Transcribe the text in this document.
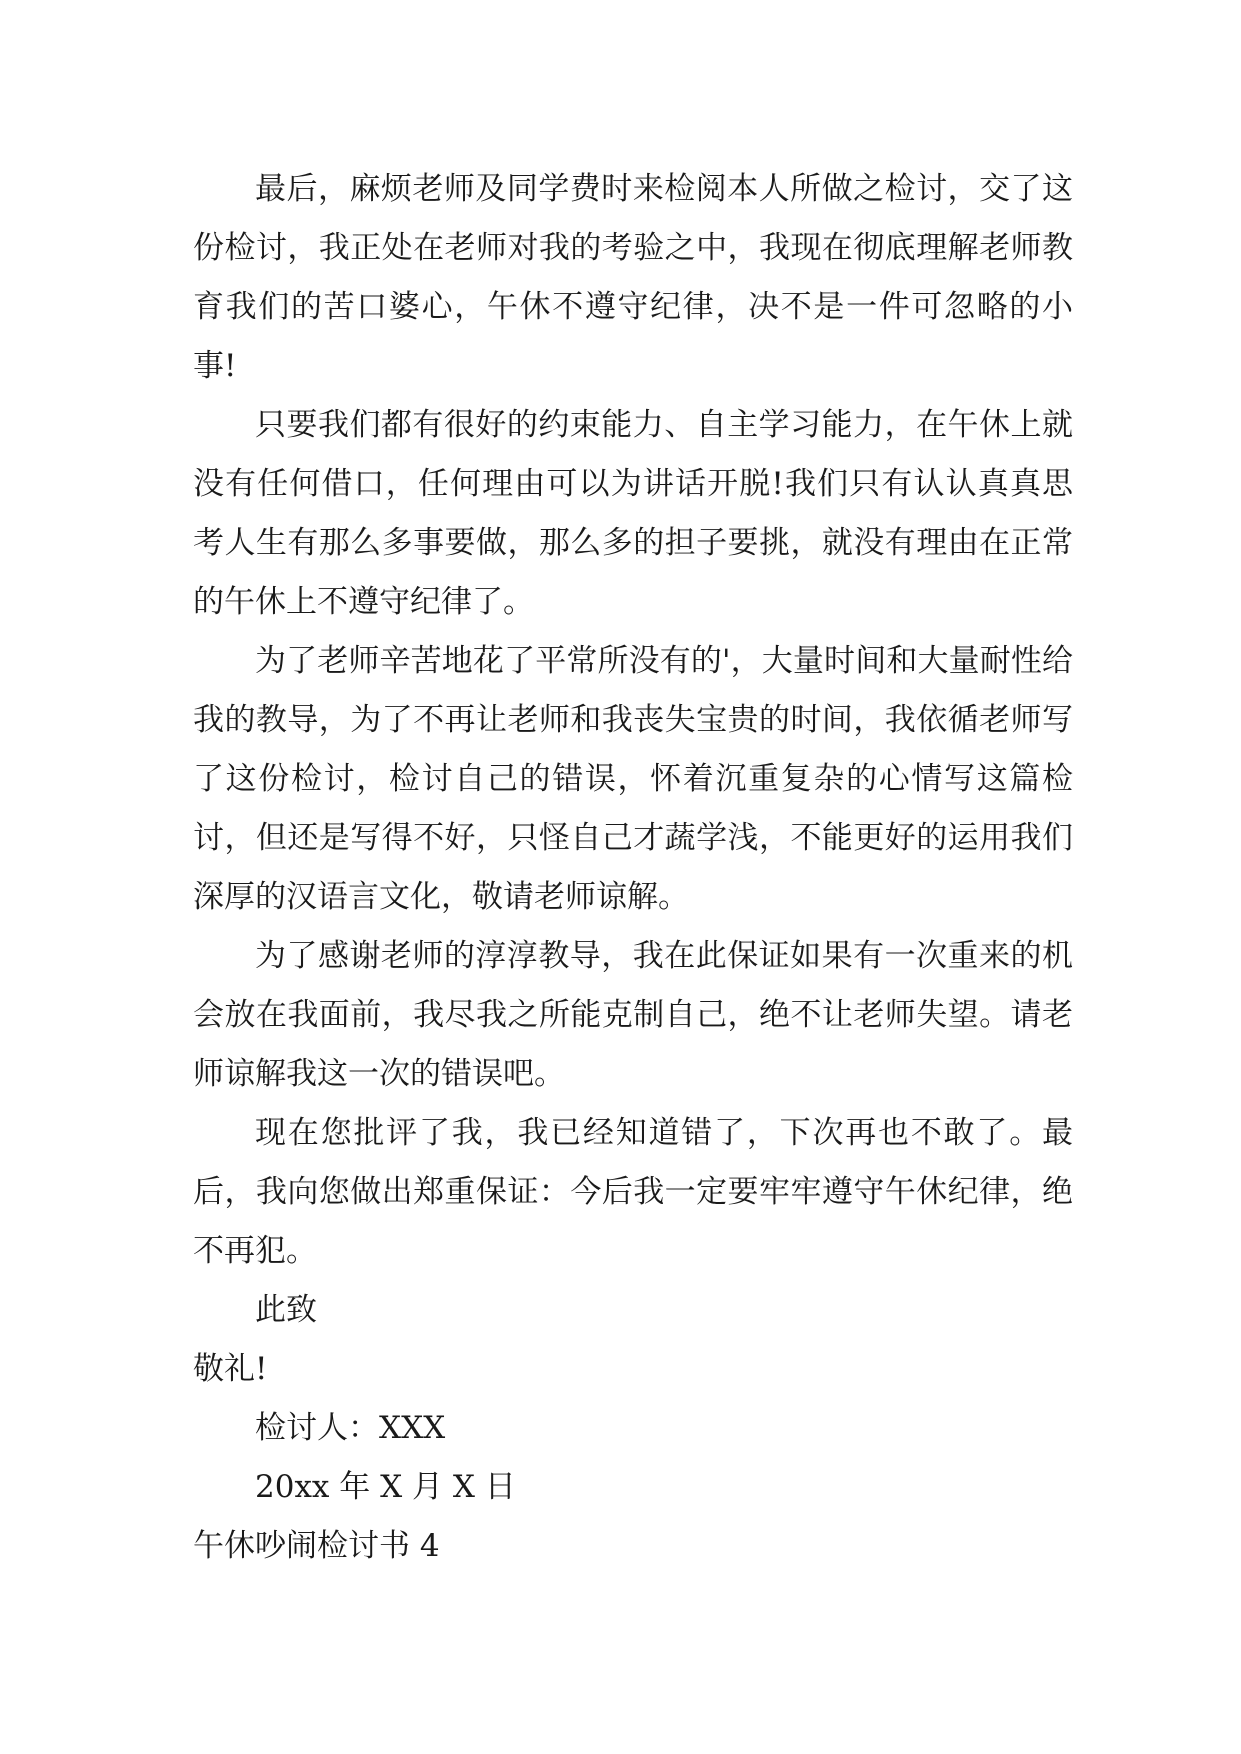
最后，麻烦老师及同学费时来检阅本人所做之检讨，交了这份检讨，我正处在老师对我的考验之中，我现在彻底理解老师教育我们的苦口婆心，午休不遵守纪律，决不是一件可忽略的小事!

只要我们都有很好的约束能力、自主学习能力，在午休上就没有任何借口，任何理由可以为讲话开脱!我们只有认认真真思考人生有那么多事要做，那么多的担子要挑，就没有理由在正常的午休上不遵守纪律了。

为了老师辛苦地花了平常所没有的'，大量时间和大量耐性给我的教导，为了不再让老师和我丧失宝贵的时间，我依循老师写了这份检讨，检讨自己的错误，怀着沉重复杂的心情写这篇检讨，但还是写得不好，只怪自己才蔬学浅，不能更好的运用我们深厚的汉语言文化，敬请老师谅解。

为了感谢老师的淳淳教导，我在此保证如果有一次重来的机会放在我面前，我尽我之所能克制自己，绝不让老师失望。请老师谅解我这一次的错误吧。

现在您批评了我，我已经知道错了，下次再也不敢了。最后，我向您做出郑重保证：今后我一定要牢牢遵守午休纪律，绝不再犯。

此致

敬礼!

检讨人：XXX

20xx 年 X 月 X 日

午休吵闹检讨书 4
